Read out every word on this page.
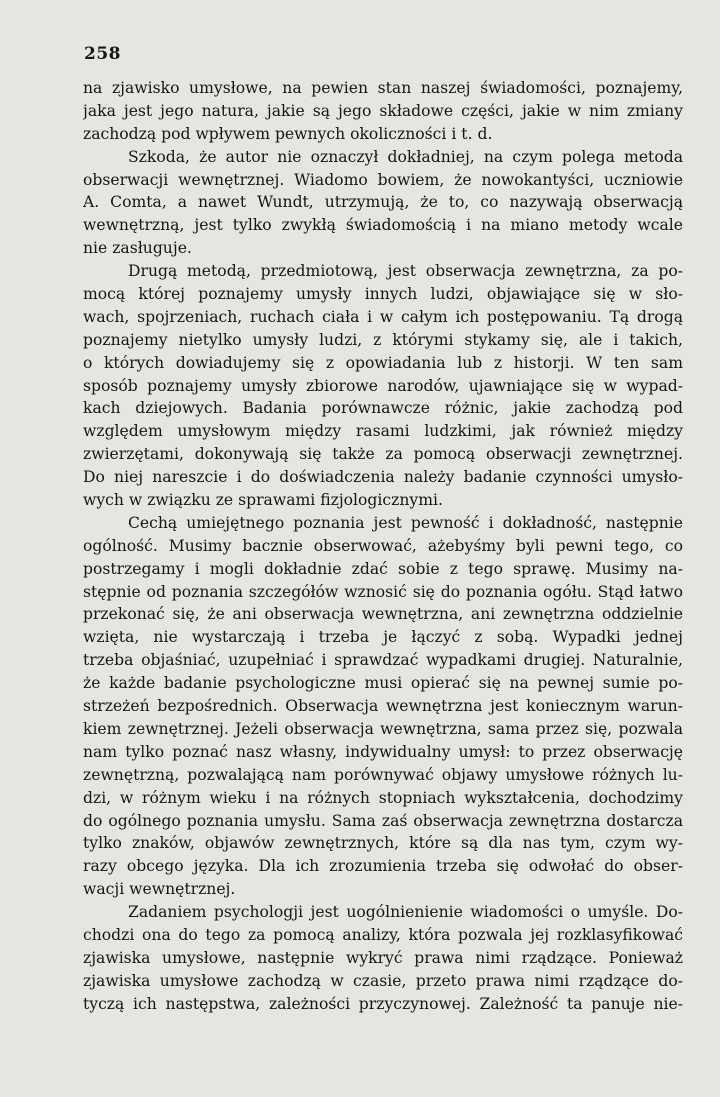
258
na zjawisko umysłowe, na pewien stan naszej świadomości, poznajemy,
jaka jest jego natura, jakie są jego składowe części, jakie w nim zmiany
zachodzą pod wpływem pewnych okoliczności i t. d.
Szkoda, że autor nie oznaczył dokładniej, na czym polega metoda
obserwacji wewnętrznej. Wiadomo bowiem, że nowokantyści, uczniowie
A. Comta, a nawet Wundt, utrzymują, że to, co nazywają obserwacją
wewnętrzną, jest tylko zwykłą świadomością i na miano metody wcale
nie zasługuje.
Drugą metodą, przedmiotową, jest obserwacja zewnętrzna, za po-
mocą której poznajemy umysły innych ludzi, objawiające się w sło-
wach, spojrzeniach, ruchach ciała i w całym ich postępowaniu. Tą drogą
poznajemy nietylko umysły ludzi, z którymi stykamy się, ale i takich,
o których dowiadujemy się z opowiadania lub z historji. W ten sam
sposób poznajemy umysły zbiorowe narodów, ujawniające się w wypad-
kach dziejowych. Badania porównawcze różnic, jakie zachodzą pod
względem umysłowym między rasami ludzkimi, jak również między
zwierzętami, dokonywają się także za pomocą obserwacji zewnętrznej.
Do niej nareszcie i do doświadczenia należy badanie czynności umysło-
wych w związku ze sprawami fizjologicznymi.
Cechą umiejętnego poznania jest pewność i dokładność, następnie
ogólność. Musimy bacznie obserwować, ażebyśmy byli pewni tego, co
postrzegamy i mogli dokładnie zdać sobie z tego sprawę. Musimy na-
stępnie od poznania szczegółów wznosić się do poznania ogółu. Stąd łatwo
przekonać się, że ani obserwacja wewnętrzna, ani zewnętrzna oddzielnie
wzięta, nie wystarczają i trzeba je łączyć z sobą. Wypadki jednej
trzeba objaśniać, uzupełniać i sprawdzać wypadkami drugiej. Naturalnie,
że każde badanie psychologiczne musi opierać się na pewnej sumie po-
strzeżeń bezpośrednich. Obserwacja wewnętrzna jest koniecznym warun-
kiem zewnętrznej. Jeżeli obserwacja wewnętrzna, sama przez się, pozwala
nam tylko poznać nasz własny, indywidualny umysł: to przez obserwację
zewnętrzną, pozwalającą nam porównywać objawy umysłowe różnych lu-
dzi, w różnym wieku i na różnych stopniach wykształcenia, dochodzimy
do ogólnego poznania umysłu. Sama zaś obserwacja zewnętrzna dostarcza
tylko znaków, objawów zewnętrznych, które są dla nas tym, czym wy-
razy obcego języka. Dla ich zrozumienia trzeba się odwołać do obser-
wacji wewnętrznej.
Zadaniem psychologji jest uogólnienienie wiadomości o umyśle. Do-
chodzi ona do tego za pomocą analizy, która pozwala jej rozklasyfikować
zjawiska umysłowe, następnie wykryć prawa nimi rządzące. Ponieważ
zjawiska umysłowe zachodzą w czasie, przeto prawa nimi rządzące do-
tyczą ich następstwa, zależności przyczynowej. Zależność ta panuje nie-
